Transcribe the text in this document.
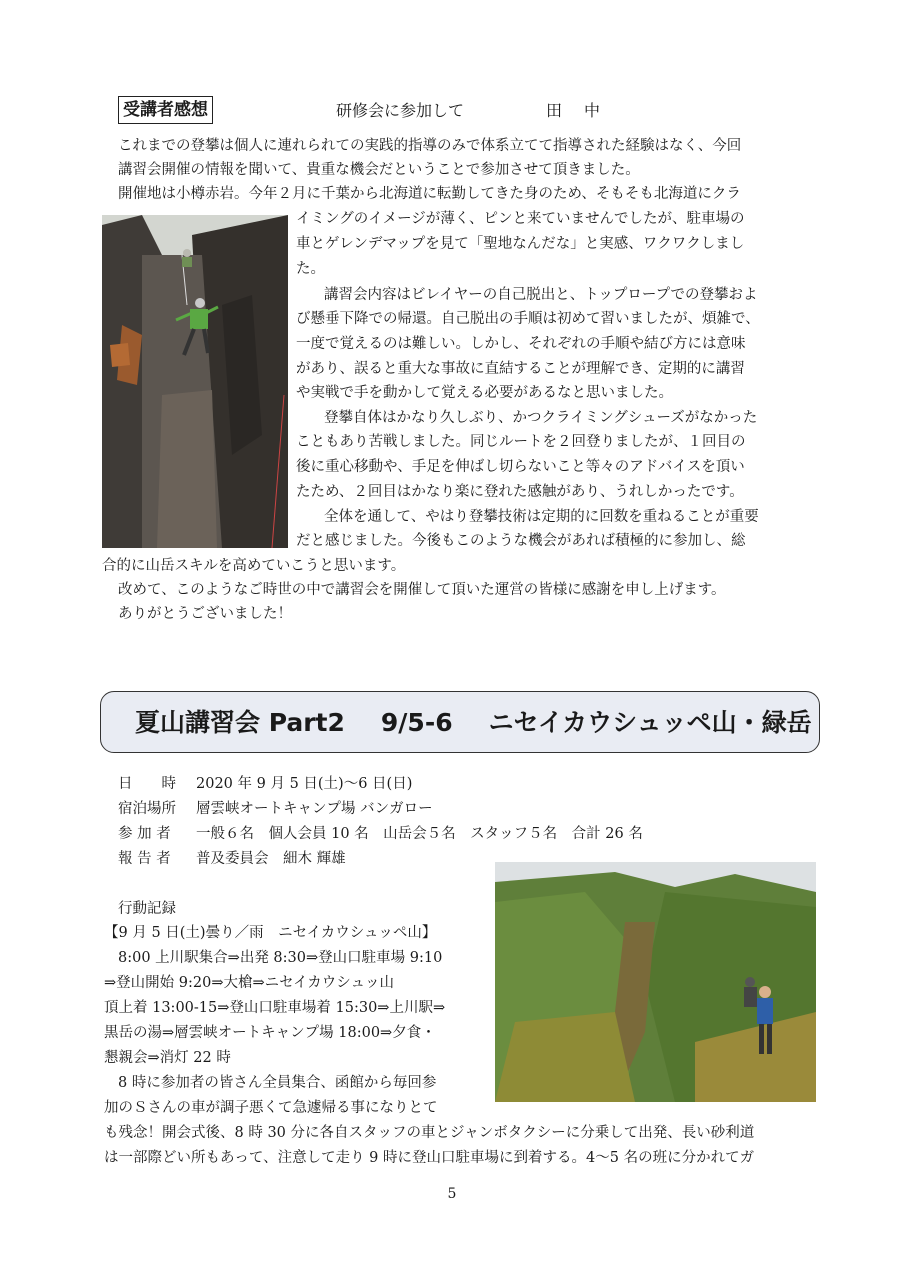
受講者感想	研修会に参加して	田中
これまでの登攀は個人に連れられての実践的指導のみで体系立てて指導された経験はなく、今回
講習会開催の情報を聞いて、貴重な機会だということで参加させて頂きました。
開催地は小樽赤岩。今年２月に千葉から北海道に転勤してきた身のため、そもそも北海道にクラ
イミングのイメージが薄く、ピンと来ていませんでしたが、駐車場の
車とゲレンデマップを見て「聖地なんだな」と実感、ワクワクしまし
た。
講習会内容はビレイヤーの自己脱出と、トップロープでの登攀およ
び懸垂下降での帰還。自己脱出の手順は初めて習いましたが、煩雑で、
一度で覚えるのは難しい。しかし、それぞれの手順や結び方には意味
があり、誤ると重大な事故に直結することが理解でき、定期的に講習
や実戦で手を動かして覚える必要があるなと思いました。
登攀自体はかなり久しぶり、かつクライミングシューズがなかった
こともあり苦戦しました。同じルートを２回登りましたが、１回目の
後に重心移動や、手足を伸ばし切らないこと等々のアドバイスを頂い
たため、２回目はかなり楽に登れた感触があり、うれしかったです。
全体を通して、やはり登攀技術は定期的に回数を重ねることが重要
だと感じました。今後もこのような機会があれば積極的に参加し、総
合的に山岳スキルを高めていこうと思います。
改めて、このようなご時世の中で講習会を開催して頂いた運営の皆様に感謝を申し上げます。
ありがとうございました！
夏山講習会 Part2 9/5-6 ニセイカウシュッペ山・緑岳
日　　時 2020 年 9 月 5 日(土)～6 日(日)
宿泊場所 層雲峡オートキャンプ場 バンガロー
参 加 者 一般６名　個人会員 10 名　山岳会５名　スタッフ５名　合計 26 名
報 告 者 普及委員会　細木 輝雄
行動記録
【9 月 5 日(土)曇り／雨　ニセイカウシュッペ山】
8:00 上川駅集合⇒出発 8:30⇒登山口駐車場 9:10
⇒登山開始 9:20⇒大槍⇒ニセイカウシュッ山
頂上着 13:00-15⇒登山口駐車場着 15:30⇒上川駅⇒
黒岳の湯⇒層雲峡オートキャンプ場 18:00⇒夕食・
懇親会⇒消灯 22 時
8 時に参加者の皆さん全員集合、函館から毎回参
加のＳさんの車が調子悪くて急遽帰る事になりとて
も残念！開会式後、8 時 30 分に各自スタッフの車とジャンボタクシーに分乗して出発、長い砂利道
は一部際どい所もあって、注意して走り 9 時に登山口駐車場に到着する。4～5 名の班に分かれてガ
5
